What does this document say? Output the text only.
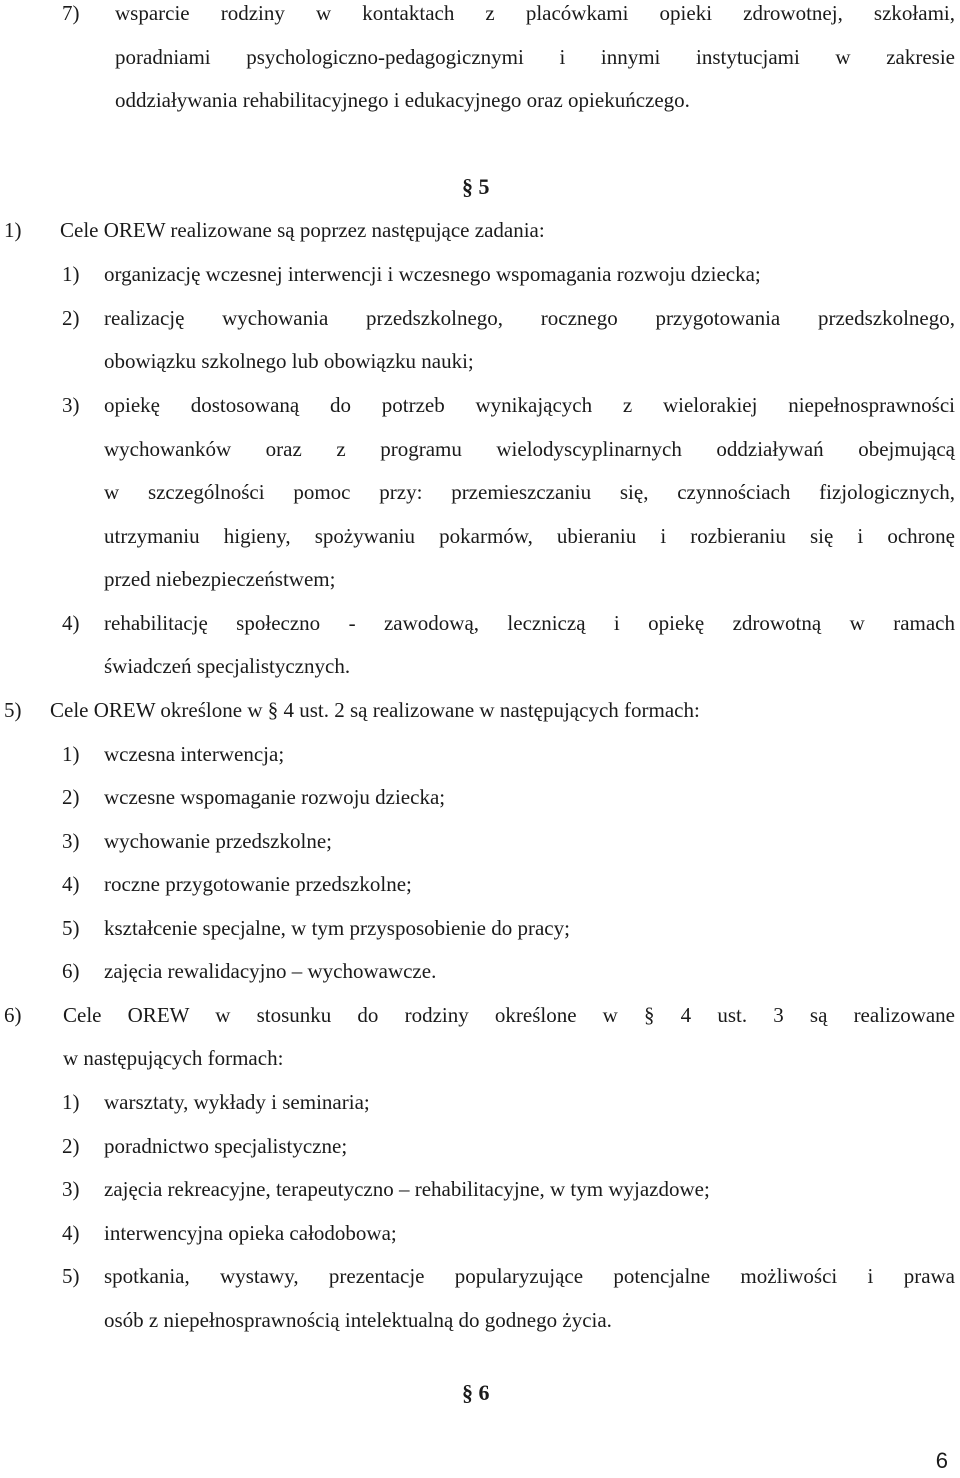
7) wsparcie rodziny w kontaktach z placówkami opieki zdrowotnej, szkołami,
poradniami psychologiczno-pedagogicznymi i innymi instytucjami w zakresie
oddziaływania rehabilitacyjnego i edukacyjnego oraz opiekuńczego.
§ 5
1) Cele OREW realizowane są poprzez następujące zadania:
1) organizację wczesnej interwencji i wczesnego wspomagania rozwoju dziecka;
2) realizację wychowania przedszkolnego, rocznego przygotowania przedszkolnego,
obowiązku szkolnego lub obowiązku nauki;
3) opiekę dostosowaną do potrzeb wynikających z wielorakiej niepełnosprawności
wychowanków oraz z programu wielodyscyplinarnych oddziaływań obejmującą
w szczególności pomoc przy: przemieszczaniu się, czynnościach fizjologicznych,
utrzymaniu higieny, spożywaniu pokarmów, ubieraniu i rozbieraniu się i ochronę
przed niebezpieczeństwem;
4) rehabilitację społeczno - zawodową, leczniczą i opiekę zdrowotną w ramach
świadczeń specjalistycznych.
5) Cele OREW określone w § 4 ust. 2 są realizowane w następujących formach:
1) wczesna interwencja;
2) wczesne wspomaganie rozwoju dziecka;
3) wychowanie przedszkolne;
4) roczne przygotowanie przedszkolne;
5) kształcenie specjalne, w tym przysposobienie do pracy;
6) zajęcia rewalidacyjno – wychowawcze.
6) Cele OREW w stosunku do rodziny określone w § 4 ust. 3 są realizowane
w następujących formach:
1) warsztaty, wykłady i seminaria;
2) poradnictwo specjalistyczne;
3) zajęcia rekreacyjne, terapeutyczno – rehabilitacyjne, w tym wyjazdowe;
4) interwencyjna opieka całodobowa;
5) spotkania, wystawy, prezentacje popularyzujące potencjalne możliwości i prawa
osób z niepełnosprawnością intelektualną do godnego życia.
§ 6
6
